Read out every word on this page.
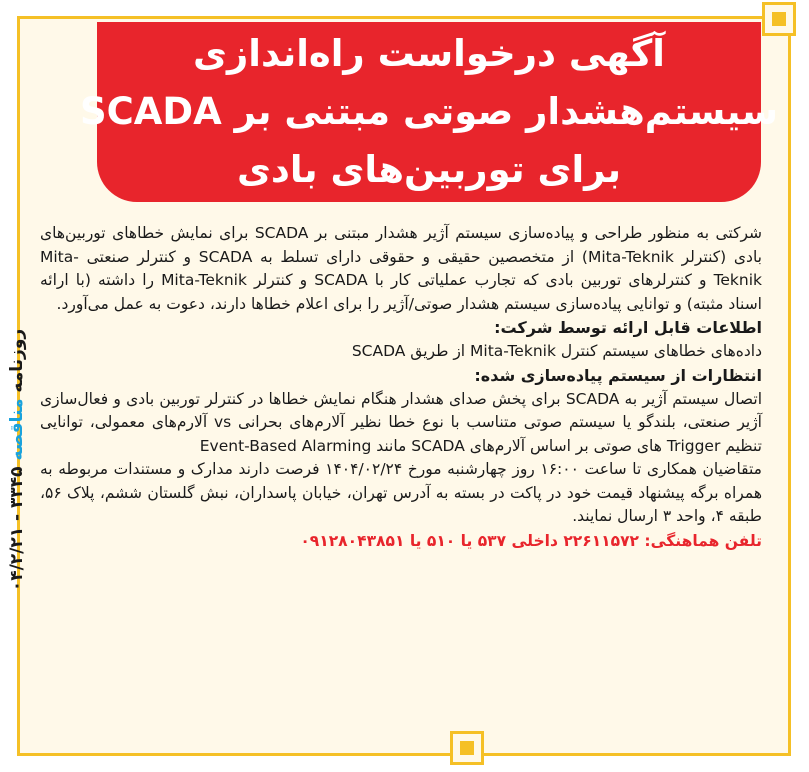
آگهی درخواست راه‌اندازی
سیستم‌هشدار صوتی مبتنی بر SCADA
برای توربین‌های بادی
روزنامه مناقصه ۳۳۴۵ - ۰۴/۲/۲۱

شرکتی به منظور طراحی و پیاده‌سازی سیستم آژیر هشدار مبتنی بر SCADA برای نمایش خطاهای توربین‌های بادی (کنترلر Mita-Teknik) از متخصصین حقیقی و حقوقی دارای تسلط به SCADA و کنترلر صنعتی Mita-Teknik و کنترلرهای توربین بادی که تجارب عملیاتی کار با SCADA و کنترلر Mita-Teknik را داشته (با ارائه اسناد مثبته) و توانایی پیاده‌سازی سیستم هشدار صوتی/آژیر را برای اعلام خطاها دارند، دعوت به عمل می‌آورد.

اطلاعات قابل ارائه توسط شرکت:

داده‌های خطاهای سیستم کنترل Mita-Teknik از طریق SCADA

انتظارات از سیستم پیاده‌سازی شده:

اتصال سیستم آژیر به SCADA برای پخش صدای هشدار هنگام نمایش خطاها در کنترلر توربین بادی و فعال‌سازی آژیر صنعتی، بلندگو یا سیستم صوتی متناسب با نوع خطا نظیر آلارم‌های بحرانی vs آلارم‌های معمولی، توانایی تنظیم Trigger های صوتی بر اساس آلارم‌های SCADA مانند Event-Based Alarming

متقاضیان همکاری تا ساعت ۱۶:۰۰ روز چهارشنبه مورخ ۱۴۰۴/۰۲/۲۴ فرصت دارند مدارک و مستندات مربوطه به همراه برگه پیشنهاد قیمت خود در پاکت در بسته به آدرس تهران، خیابان پاسداران، نبش گلستان ششم، پلاک ۵۶، طبقه ۴، واحد ۳ ارسال نمایند.

تلفن هماهنگی: ۲۲۶۱۱۵۷۲ داخلی ۵۳۷ یا ۵۱۰ یا ۰۹۱۲۸۰۴۳۸۵۱
